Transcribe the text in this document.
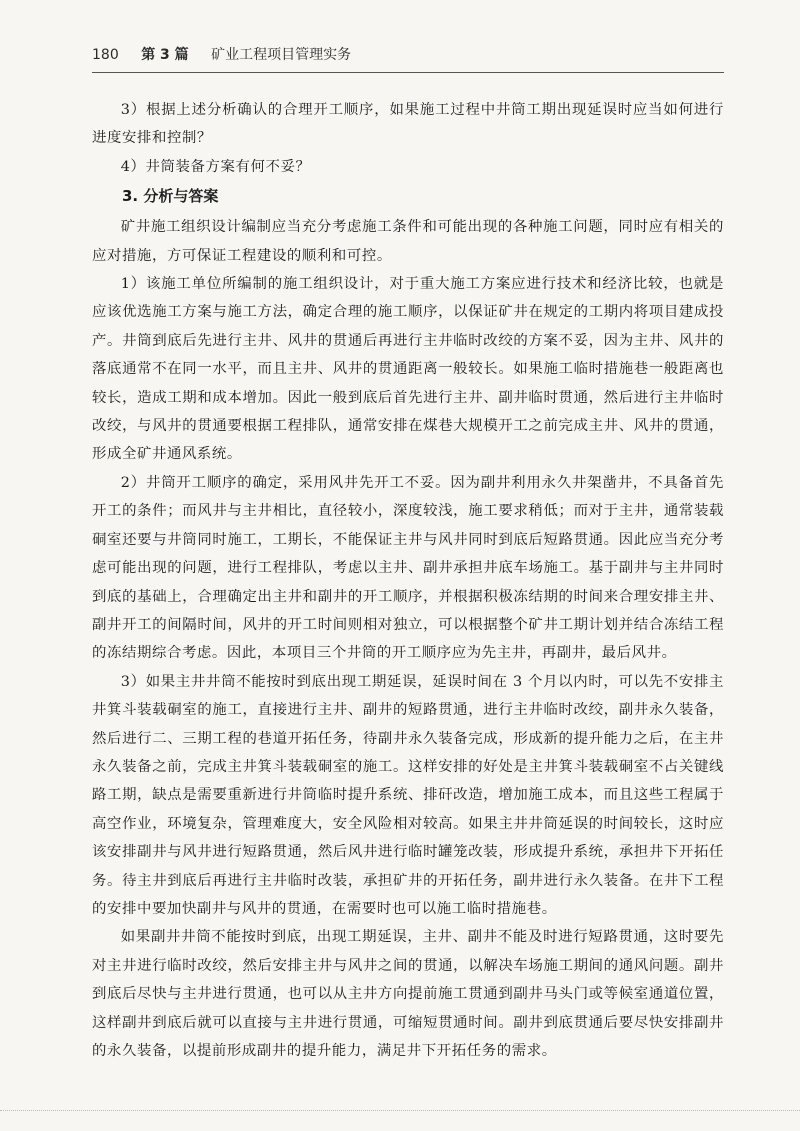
180 第 3 篇 矿业工程项目管理实务

3）根据上述分析确认的合理开工顺序，如果施工过程中井筒工期出现延误时应当如何进行进度安排和控制？

4）井筒装备方案有何不妥？

3. 分析与答案

矿井施工组织设计编制应当充分考虑施工条件和可能出现的各种施工问题，同时应有相关的应对措施，方可保证工程建设的顺利和可控。

1）该施工单位所编制的施工组织设计，对于重大施工方案应进行技术和经济比较，也就是应该优选施工方案与施工方法，确定合理的施工顺序，以保证矿井在规定的工期内将项目建成投产。井筒到底后先进行主井、风井的贯通后再进行主井临时改绞的方案不妥，因为主井、风井的落底通常不在同一水平，而且主井、风井的贯通距离一般较长。如果施工临时措施巷一般距离也较长，造成工期和成本增加。因此一般到底后首先进行主井、副井临时贯通，然后进行主井临时改绞，与风井的贯通要根据工程排队，通常安排在煤巷大规模开工之前完成主井、风井的贯通，形成全矿井通风系统。

2）井筒开工顺序的确定，采用风井先开工不妥。因为副井利用永久井架凿井，不具备首先开工的条件；而风井与主井相比，直径较小，深度较浅，施工要求稍低；而对于主井，通常装载硐室还要与井筒同时施工，工期长，不能保证主井与风井同时到底后短路贯通。因此应当充分考虑可能出现的问题，进行工程排队，考虑以主井、副井承担井底车场施工。基于副井与主井同时到底的基础上，合理确定出主井和副井的开工顺序，并根据积极冻结期的时间来合理安排主井、副井开工的间隔时间，风井的开工时间则相对独立，可以根据整个矿井工期计划并结合冻结工程的冻结期综合考虑。因此，本项目三个井筒的开工顺序应为先主井，再副井，最后风井。

3）如果主井井筒不能按时到底出现工期延误，延误时间在 3 个月以内时，可以先不安排主井箕斗装载硐室的施工，直接进行主井、副井的短路贯通，进行主井临时改绞，副井永久装备，然后进行二、三期工程的巷道开拓任务，待副井永久装备完成，形成新的提升能力之后，在主井永久装备之前，完成主井箕斗装载硐室的施工。这样安排的好处是主井箕斗装载硐室不占关键线路工期，缺点是需要重新进行井筒临时提升系统、排矸改造，增加施工成本，而且这些工程属于高空作业，环境复杂，管理难度大，安全风险相对较高。如果主井井筒延误的时间较长，这时应该安排副井与风井进行短路贯通，然后风井进行临时罐笼改装，形成提升系统，承担井下开拓任务。待主井到底后再进行主井临时改装，承担矿井的开拓任务，副井进行永久装备。在井下工程的安排中要加快副井与风井的贯通，在需要时也可以施工临时措施巷。

如果副井井筒不能按时到底，出现工期延误，主井、副井不能及时进行短路贯通，这时要先对主井进行临时改绞，然后安排主井与风井之间的贯通，以解决车场施工期间的通风问题。副井到底后尽快与主井进行贯通，也可以从主井方向提前施工贯通到副井马头门或等候室通道位置，这样副井到底后就可以直接与主井进行贯通，可缩短贯通时间。副井到底贯通后要尽快安排副井的永久装备，以提前形成副井的提升能力，满足井下开拓任务的需求。
